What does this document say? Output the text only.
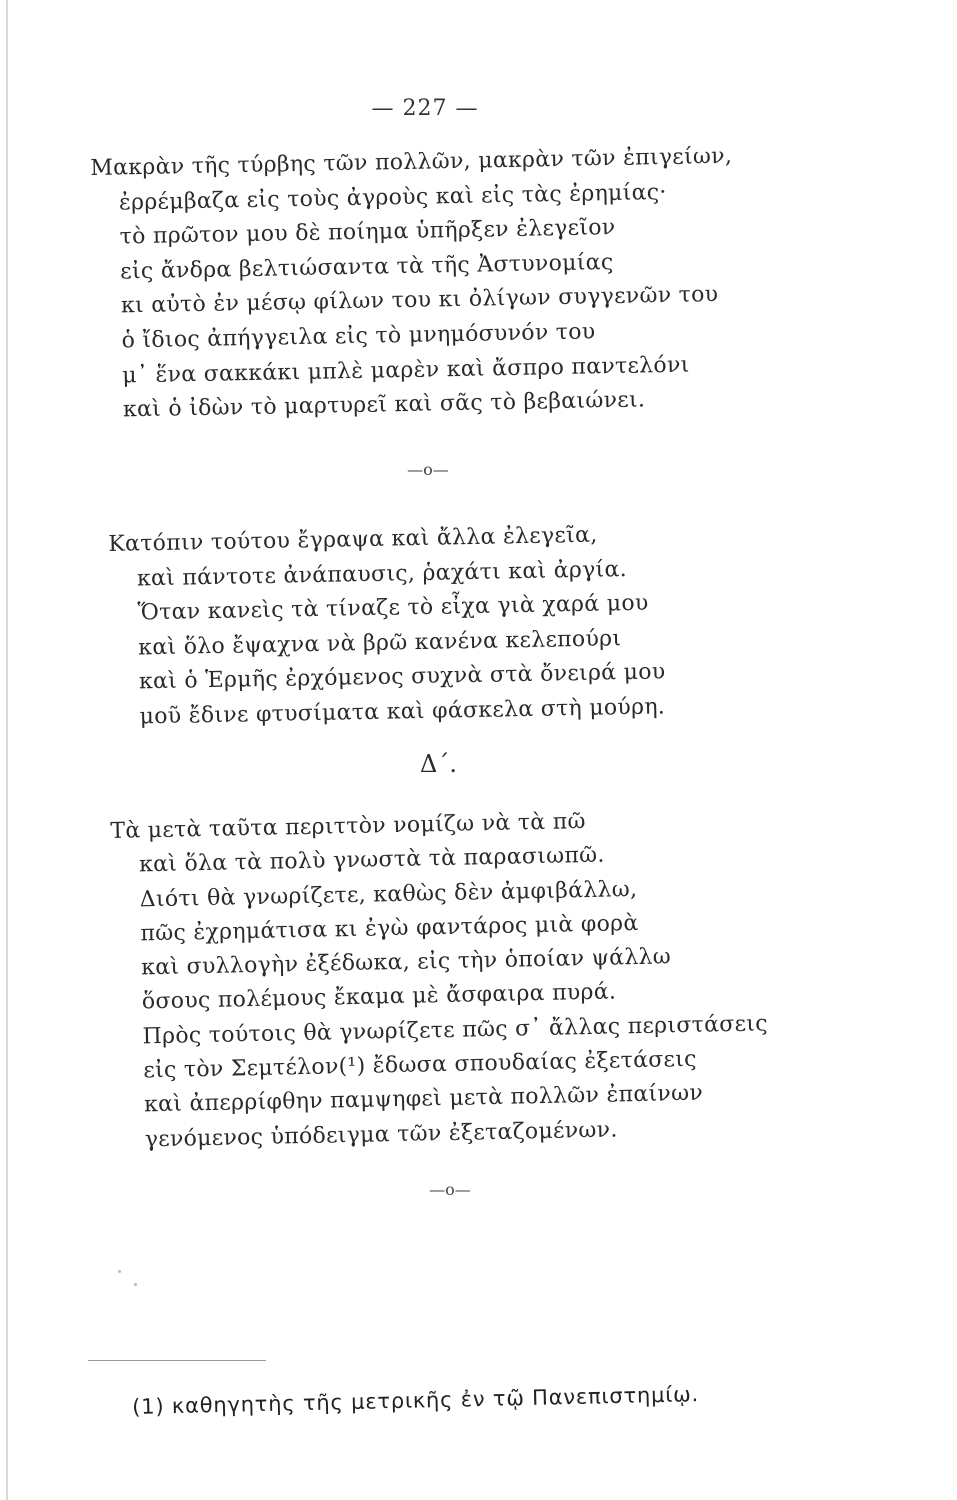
— 227 —
Μακρὰν τῆς τύρβης τῶν πολλῶν, μακρὰν τῶν ἐπιγείων,
ἐρρέμβαζα εἰς τοὺς ἀγροὺς καὶ εἰς τὰς ἐρημίας·
τὸ πρῶτον μου δὲ ποίημα ὑπῆρξεν ἐλεγεῖον
εἰς ἄνδρα βελτιώσαντα τὰ τῆς Ἀστυνομίας
κι αὐτὸ ἐν μέσῳ φίλων του κι ὀλίγων συγγενῶν του
ὁ ἴδιος ἀπήγγειλα εἰς τὸ μνημόσυνόν του
μ᾽ ἕνα σακκάκι μπλὲ μαρὲν καὶ ἄσπρο παντελόνι
καὶ ὁ ἰδὼν τὸ μαρτυρεῖ καὶ σᾶς τὸ βεβαιώνει.
—o—
Κατόπιν τούτου ἔγραψα καὶ ἄλλα ἐλεγεῖα,
καὶ πάντοτε ἀνάπαυσις, ῥαχάτι καὶ ἀργία.
Ὅταν κανεὶς τὰ τίναζε τὸ εἶχα γιὰ χαρά μου
καὶ ὅλο ἔψαχνα νὰ βρῶ κανένα κελεπούρι
καὶ ὁ Ἑρμῆς ἐρχόμενος συχνὰ στὰ ὄνειρά μου
μοῦ ἔδινε φτυσίματα καὶ φάσκελα στὴ μούρη.
Δ΄.
Τὰ μετὰ ταῦτα περιττὸν νομίζω νὰ τὰ πῶ
καὶ ὅλα τὰ πολὺ γνωστὰ τὰ παρασιωπῶ.
Διότι θὰ γνωρίζετε, καθὼς δὲν ἀμφιβάλλω,
πῶς ἐχρημάτισα κι ἐγὼ φαντάρος μιὰ φορὰ
καὶ συλλογὴν ἐξέδωκα, εἰς τὴν ὁποίαν ψάλλω
ὅσους πολέμους ἔκαμα μὲ ἄσφαιρα πυρά.
Πρὸς τούτοις θὰ γνωρίζετε πῶς σ᾽ ἄλλας περιστάσεις
εἰς τὸν Σεμτέλον(¹) ἔδωσα σπουδαίας ἐξετάσεις
καὶ ἀπερρίφθην παμψηφεὶ μετὰ πολλῶν ἐπαίνων
γενόμενος ὑπόδειγμα τῶν ἐξεταζομένων.
—o—
(1) καθηγητὴς τῆς μετρικῆς ἐν τῷ Πανεπιστημίῳ.
